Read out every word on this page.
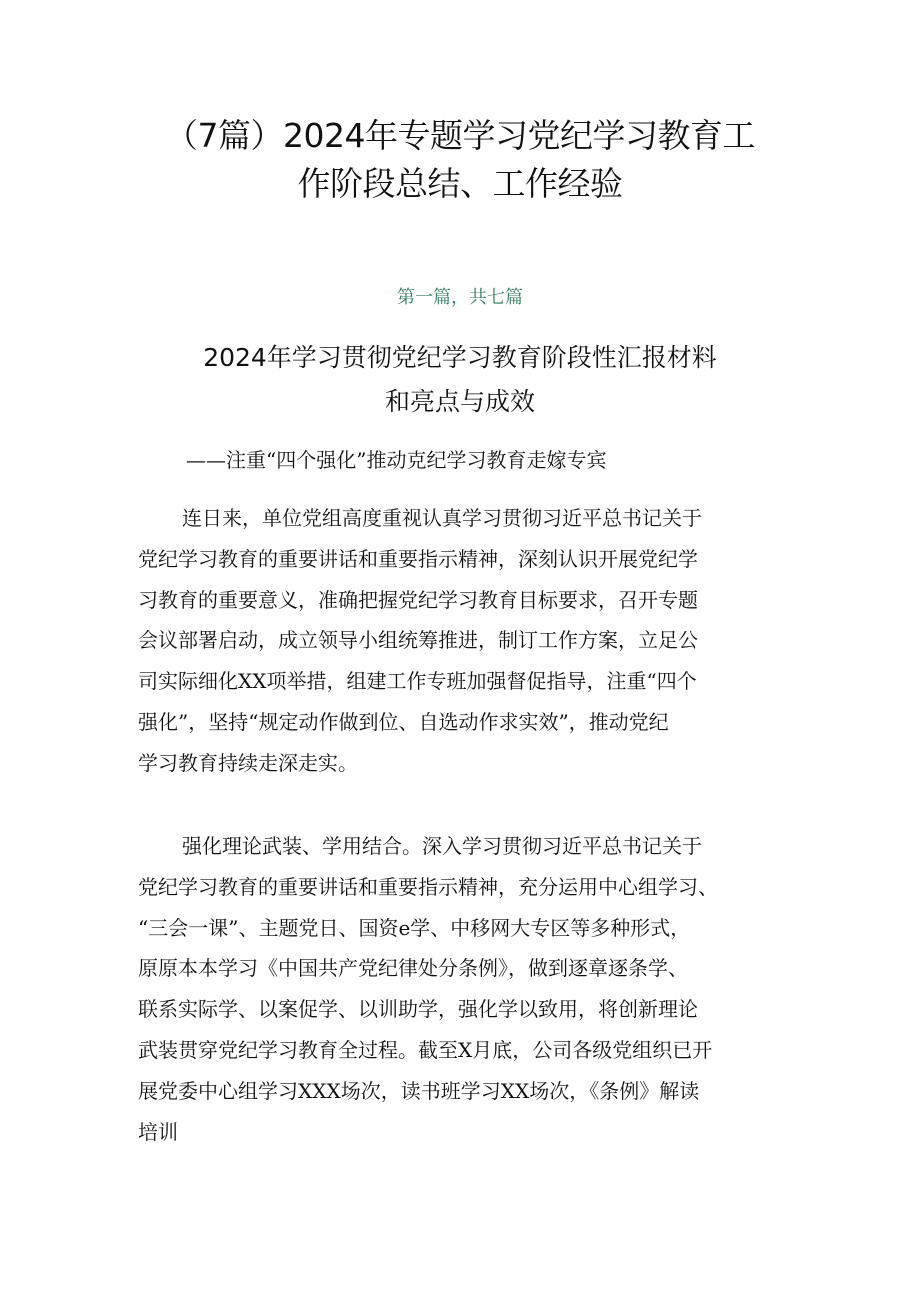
（7篇）2024年专题学习党纪学习教育工
作阶段总结、工作经验
第一篇，共七篇
2024年学习贯彻党纪学习教育阶段性汇报材料
和亮点与成效
——注重“四个强化”推动克纪学习教育走嫁专宾
连日来，单位党组高度重视认真学习贯彻习近平总书记关于
党纪学习教育的重要讲话和重要指示精神，深刻认识开展党纪学
习教育的重要意义，准确把握党纪学习教育目标要求，召开专题
会议部署启动，成立领导小组统筹推进，制订工作方案，立足公
司实际细化XX项举措，组建工作专班加强督促指导，注重“四个
强化”，坚持“规定动作做到位、自选动作求实效”，推动党纪
学习教育持续走深走实。
强化理论武装、学用结合。深入学习贯彻习近平总书记关于
党纪学习教育的重要讲话和重要指示精神，充分运用中心组学习、
“三会一课”、主题党日、国资e学、中移网大专区等多种形式，
原原本本学习《中国共产党纪律处分条例》，做到逐章逐条学、
联系实际学、以案促学、以训助学，强化学以致用，将创新理论
武装贯穿党纪学习教育全过程。截至X月底，公司各级党组织已开
展党委中心组学习XXX场次，读书班学习XX场次，《条例》解读
培训
